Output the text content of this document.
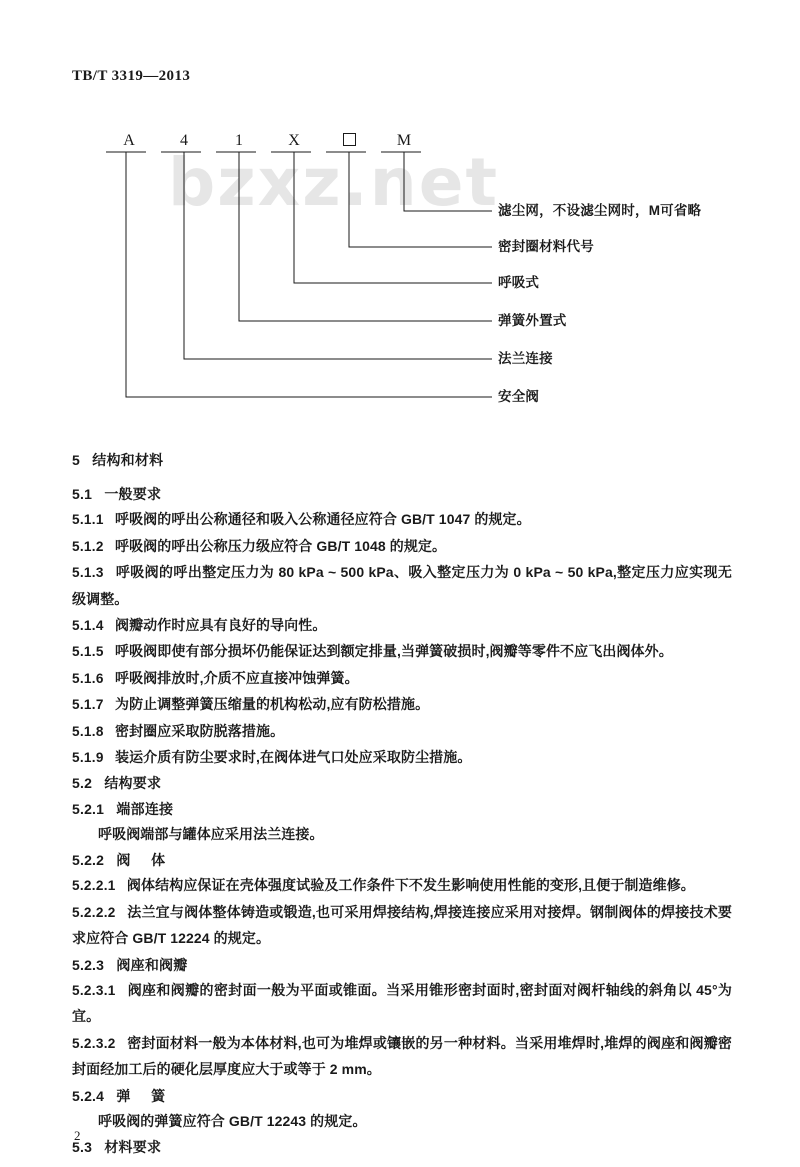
TB/T 3319—2013
bzxz.net
A	4	1	X	M
滤尘网，不设滤尘网时，M可省略
密封圈材料代号
呼吸式
弹簧外置式
法兰连接
安全阀
5 结构和材料
5.1 一般要求

5.1.1 呼吸阀的呼出公称通径和吸入公称通径应符合 GB/T 1047 的规定。

5.1.2 呼吸阀的呼出公称压力级应符合 GB/T 1048 的规定。

5.1.3 呼吸阀的呼出整定压力为 80 kPa ~ 500 kPa、吸入整定压力为 0 kPa ~ 50 kPa,整定压力应实现无级调整。

5.1.4 阀瓣动作时应具有良好的导向性。

5.1.5 呼吸阀即使有部分损坏仍能保证达到额定排量,当弹簧破损时,阀瓣等零件不应飞出阀体外。

5.1.6 呼吸阀排放时,介质不应直接冲蚀弹簧。

5.1.7 为防止调整弹簧压缩量的机构松动,应有防松措施。

5.1.8 密封圈应采取防脱落措施。

5.1.9 装运介质有防尘要求时,在阀体进气口处应采取防尘措施。

5.2 结构要求
5.2.1 端部连接

呼吸阀端部与罐体应采用法兰连接。

5.2.2 阀     体

5.2.2.1 阀体结构应保证在壳体强度试验及工作条件下不发生影响使用性能的变形,且便于制造维修。

5.2.2.2 法兰宜与阀体整体铸造或锻造,也可采用焊接结构,焊接连接应采用对接焊。钢制阀体的焊接技术要求应符合 GB/T 12224 的规定。

5.2.3 阀座和阀瓣

5.2.3.1 阀座和阀瓣的密封面一般为平面或锥面。当采用锥形密封面时,密封面对阀杆轴线的斜角以 45°为宜。

5.2.3.2 密封面材料一般为本体材料,也可为堆焊或镶嵌的另一种材料。当采用堆焊时,堆焊的阀座和阀瓣密封面经加工后的硬化层厚度应大于或等于 2 mm。

5.2.4 弹     簧

呼吸阀的弹簧应符合 GB/T 12243 的规定。

5.3 材料要求
2
